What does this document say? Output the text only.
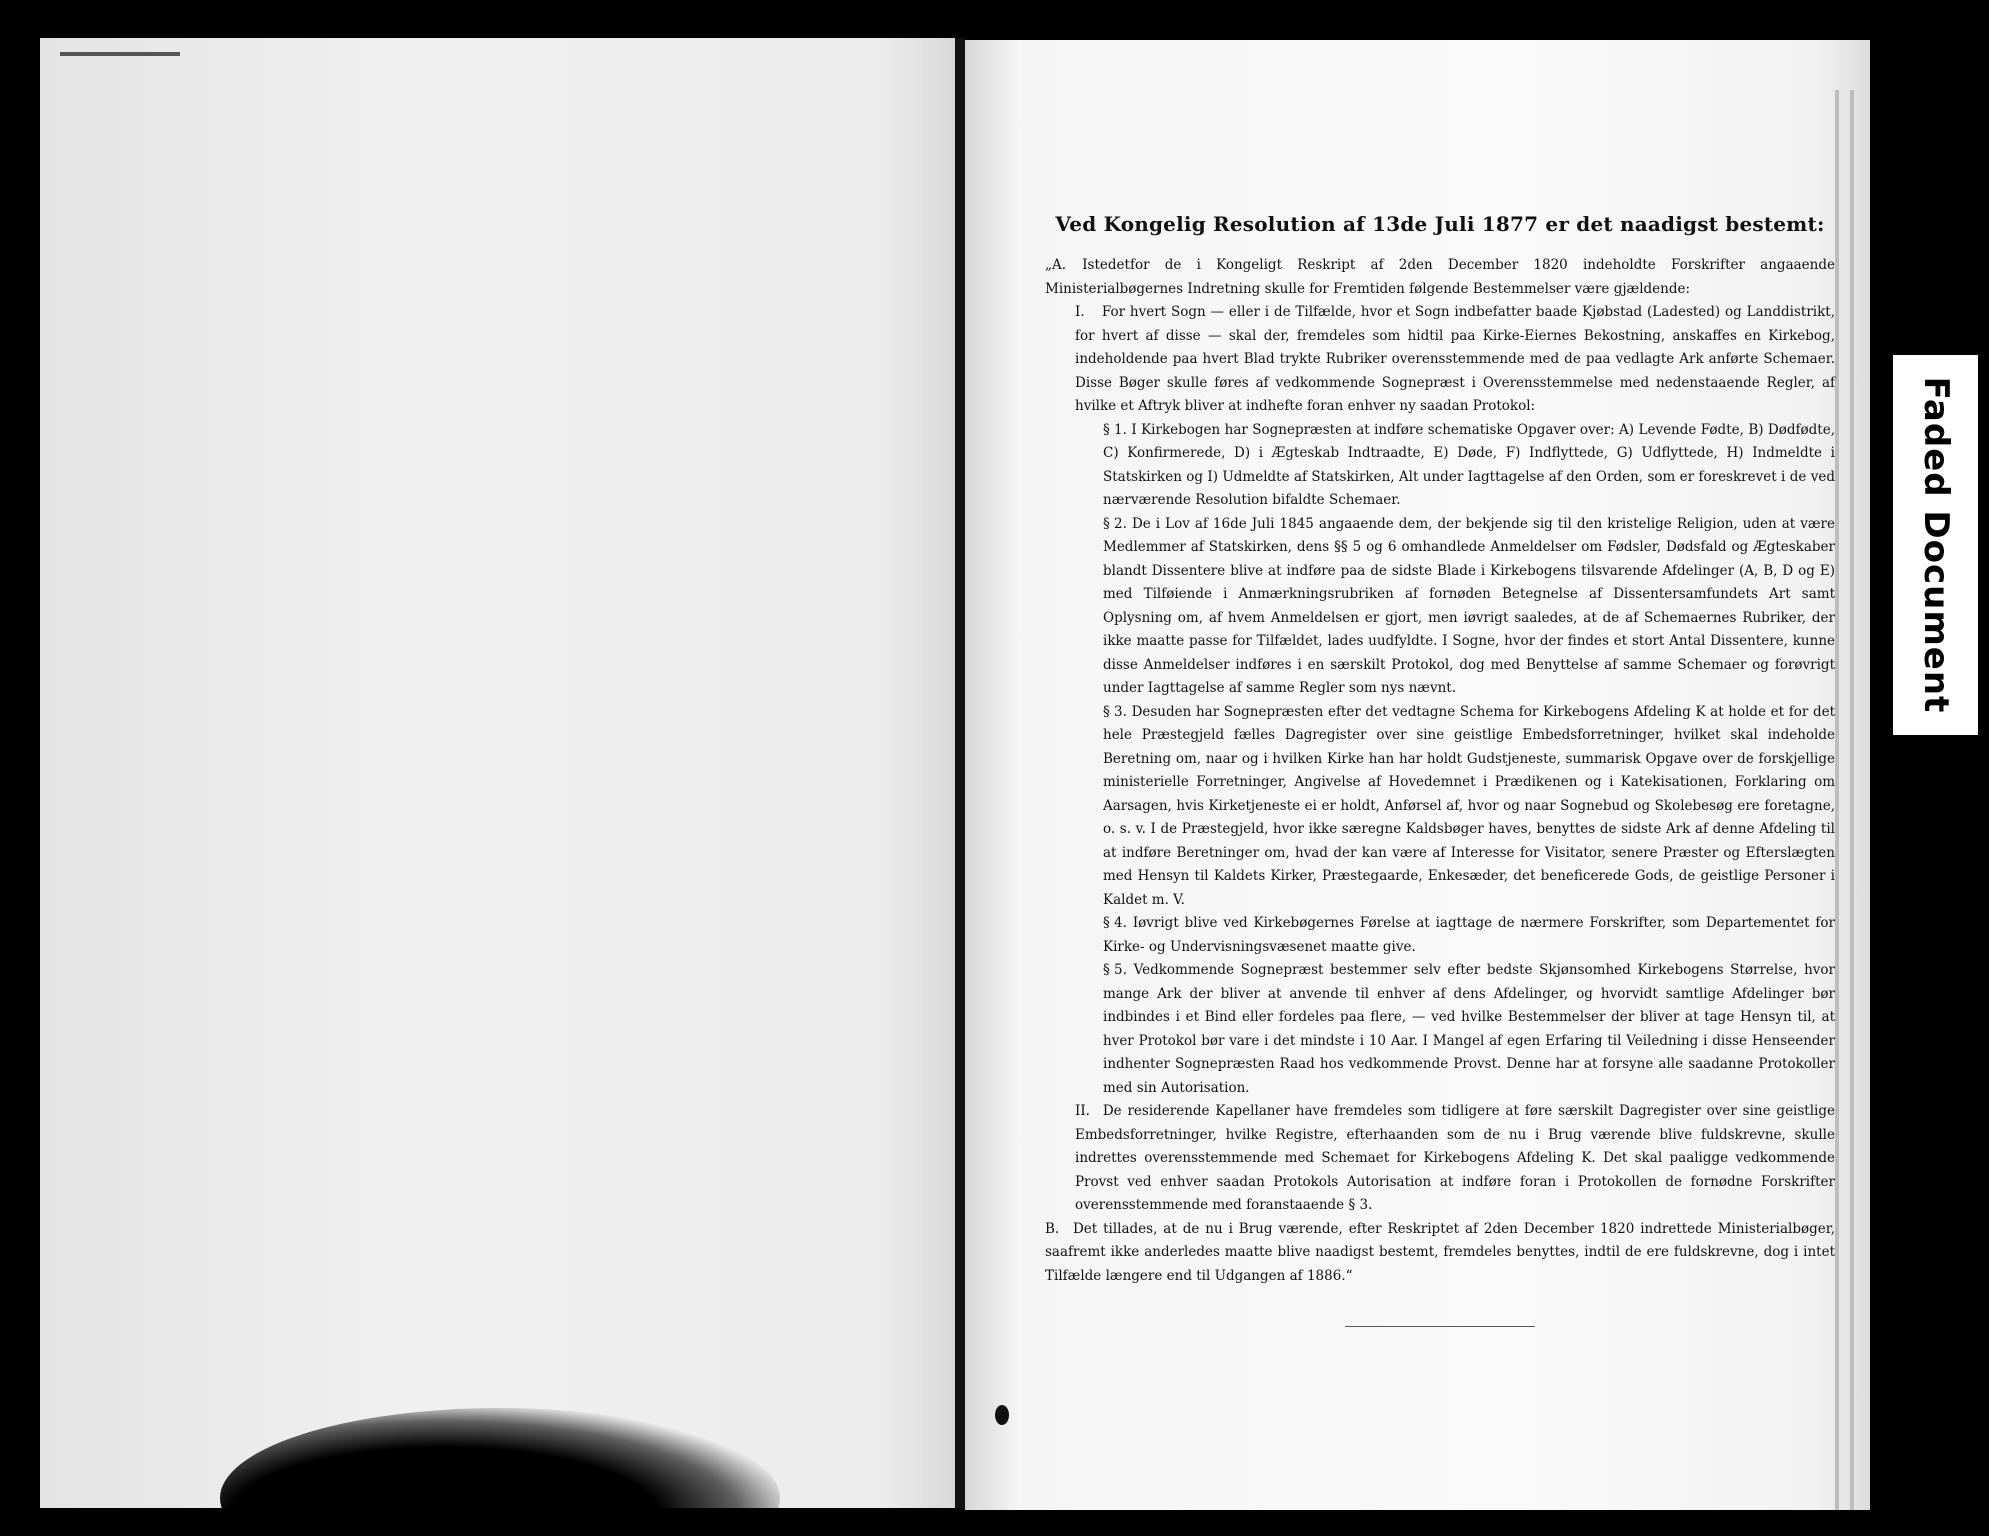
Ved Kongelig Resolution af 13de Juli 1877 er det naadigst bestemt:

„A. Istedetfor de i Kongeligt Reskript af 2den December 1820 indeholdte Forskrifter angaaende Ministerialbøgernes Indretning skulle for Fremtiden følgende Bestemmelser være gjældende:

I. For hvert Sogn — eller i de Tilfælde, hvor et Sogn indbefatter baade Kjøbstad (Ladested) og Landdistrikt, for hvert af disse — skal der, fremdeles som hidtil paa Kirke-Eiernes Bekostning, anskaffes en Kirkebog, indeholdende paa hvert Blad trykte Rubriker overensstemmende med de paa vedlagte Ark anførte Schemaer. Disse Bøger skulle føres af vedkommende Sognepræst i Overensstemmelse med nedenstaaende Regler, af hvilke et Aftryk bliver at indhefte foran enhver ny saadan Protokol:

§ 1. I Kirkebogen har Sognepræsten at indføre schematiske Opgaver over: A) Levende Fødte, B) Dødfødte, C) Konfirmerede, D) i Ægteskab Indtraadte, E) Døde, F) Indflyttede, G) Udflyttede, H) Indmeldte i Statskirken og I) Udmeldte af Statskirken, Alt under Iagttagelse af den Orden, som er foreskrevet i de ved nærværende Resolution bifaldte Schemaer.

§ 2. De i Lov af 16de Juli 1845 angaaende dem, der bekjende sig til den kristelige Religion, uden at være Medlemmer af Statskirken, dens §§ 5 og 6 omhandlede Anmeldelser om Fødsler, Dødsfald og Ægteskaber blandt Dissentere blive at indføre paa de sidste Blade i Kirkebogens tilsvarende Afdelinger (A, B, D og E) med Tilføiende i Anmærkningsrubriken af fornøden Betegnelse af Dissentersamfundets Art samt Oplysning om, af hvem Anmeldelsen er gjort, men iøvrigt saaledes, at de af Schemaernes Rubriker, der ikke maatte passe for Tilfældet, lades uudfyldte. I Sogne, hvor der findes et stort Antal Dissentere, kunne disse Anmeldelser indføres i en særskilt Protokol, dog med Benyttelse af samme Schemaer og forøvrigt under Iagttagelse af samme Regler som nys nævnt.

§ 3. Desuden har Sognepræsten efter det vedtagne Schema for Kirkebogens Afdeling K at holde et for det hele Præstegjeld fælles Dagregister over sine geistlige Embedsforretninger, hvilket skal indeholde Beretning om, naar og i hvilken Kirke han har holdt Gudstjeneste, summarisk Opgave over de forskjellige ministerielle Forretninger, Angivelse af Hovedemnet i Prædikenen og i Katekisationen, Forklaring om Aarsagen, hvis Kirketjeneste ei er holdt, Anførsel af, hvor og naar Sognebud og Skolebesøg ere foretagne, o. s. v. I de Præstegjeld, hvor ikke særegne Kaldsbøger haves, benyttes de sidste Ark af denne Afdeling til at indføre Beretninger om, hvad der kan være af Interesse for Visitator, senere Præster og Efterslægten med Hensyn til Kaldets Kirker, Præstegaarde, Enkesæder, det beneficerede Gods, de geistlige Personer i Kaldet m. V.

§ 4. Iøvrigt blive ved Kirkebøgernes Førelse at iagttage de nærmere Forskrifter, som Departementet for Kirke- og Undervisningsvæsenet maatte give.

§ 5. Vedkommende Sognepræst bestemmer selv efter bedste Skjønsomhed Kirkebogens Størrelse, hvor mange Ark der bliver at anvende til enhver af dens Afdelinger, og hvorvidt samtlige Afdelinger bør indbindes i et Bind eller fordeles paa flere, — ved hvilke Bestemmelser der bliver at tage Hensyn til, at hver Protokol bør vare i det mindste i 10 Aar. I Mangel af egen Erfaring til Veiledning i disse Henseender indhenter Sognepræsten Raad hos vedkommende Provst. Denne har at forsyne alle saadanne Protokoller med sin Autorisation.

II. De residerende Kapellaner have fremdeles som tidligere at føre særskilt Dagregister over sine geistlige Embedsforretninger, hvilke Registre, efterhaanden som de nu i Brug værende blive fuldskrevne, skulle indrettes overensstemmende med Schemaet for Kirkebogens Afdeling K. Det skal paaligge vedkommende Provst ved enhver saadan Protokols Autorisation at indføre foran i Protokollen de fornødne Forskrifter overensstemmende med foranstaaende § 3.

B. Det tillades, at de nu i Brug værende, efter Reskriptet af 2den December 1820 indrettede Ministerialbøger, saafremt ikke anderledes maatte blive naadigst bestemt, fremdeles benyttes, indtil de ere fuldskrevne, dog i intet Tilfælde længere end til Udgangen af 1886.“

Faded Document
